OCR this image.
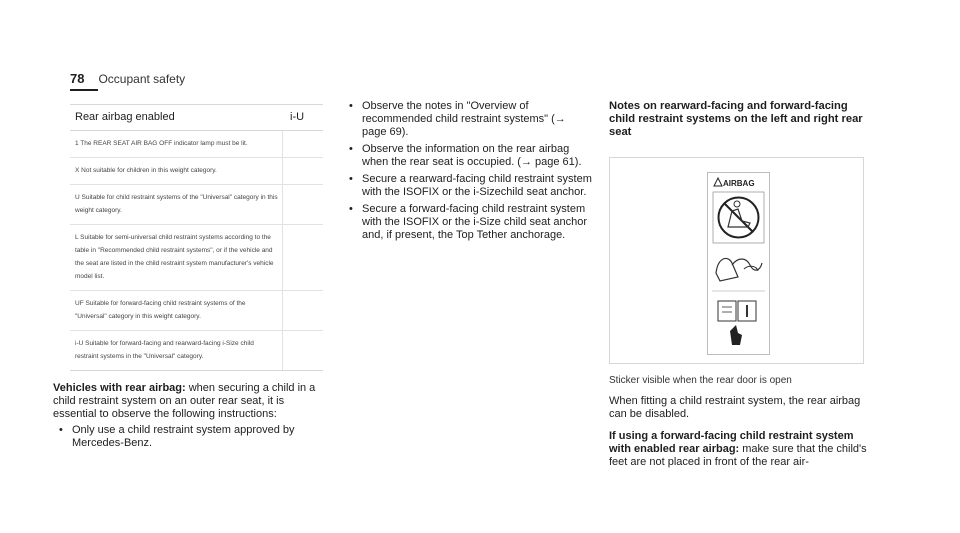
78 Occupant safety
Rear airbag enabled	i-U
1 The REAR SEAT AIR BAG OFF indicator lamp must be lit.
X Not suitable for children in this weight category.
U Suitable for child restraint systems of the "Universal" category in this weight category.
L Suitable for semi-universal child restraint systems according to the table in "Recommended child restraint systems", or if the vehicle and the seat are listed in the child restraint system manufacturer's vehicle model list.
UF Suitable for forward-facing child restraint systems of the "Universal" category in this weight category.
i-U Suitable for forward-facing and rearward-facing i-Size child restraint systems in the "Universal" category.

Vehicles with rear airbag: when securing a child in a child restraint system on an outer rear seat, it is essential to observe the following instructions:

• Only use a child restraint system approved by Mercedes-Benz.
• Observe the notes in "Overview of recommended child restraint systems" (→ page 69).
• Observe the information on the rear airbag when the rear seat is occupied. (→ page 61).
• Secure a rearward-facing child restraint system with the ISOFIX or the i-Sizechild seat anchor.
• Secure a forward-facing child restraint system with the ISOFIX or the i-Size child seat anchor and, if present, the Top Tether anchorage.
Notes on rearward-facing and forward-facing child restraint systems on the left and right rear seat
AIRBAG
Sticker visible when the rear door is open
When fitting a child restraint system, the rear airbag can be disabled.
If using a forward-facing child restraint system with enabled rear airbag: make sure that the child's feet are not placed in front of the rear air-
